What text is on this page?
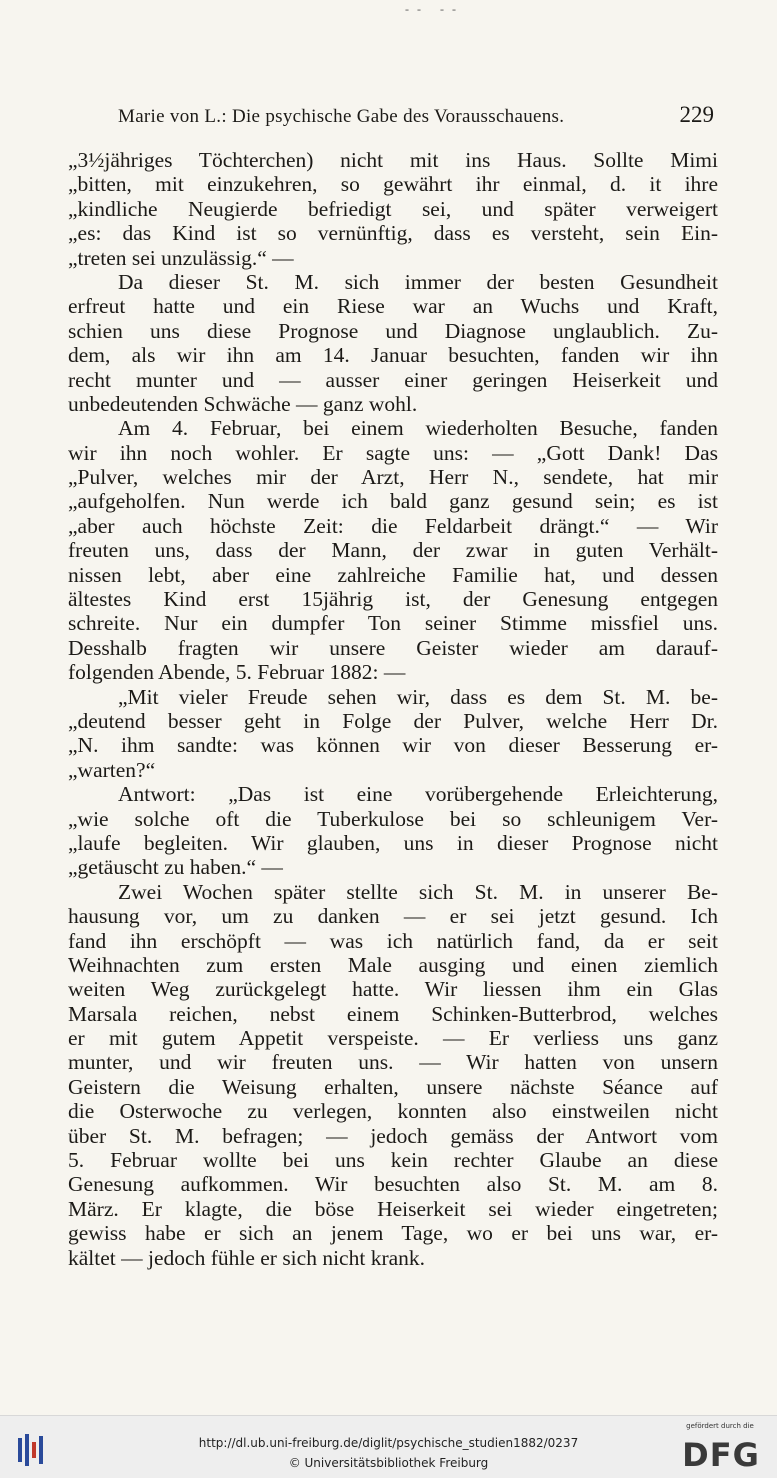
-- --
Marie von L.: Die psychische Gabe des Vorausschauens.	229
„3½jähriges Töchterchen) nicht mit ins Haus. Sollte Mimi
„bitten, mit einzukehren, so gewährt ihr einmal, d. it ihre
„kindliche Neugierde befriedigt sei, und später verweigert
„es: das Kind ist so vernünftig, dass es versteht, sein Ein-
„treten sei unzulässig.“ —
Da dieser St. M. sich immer der besten Gesundheit
erfreut hatte und ein Riese war an Wuchs und Kraft,
schien uns diese Prognose und Diagnose unglaublich. Zu-
dem, als wir ihn am 14. Januar besuchten, fanden wir ihn
recht munter und — ausser einer geringen Heiserkeit und
unbedeutenden Schwäche — ganz wohl.
Am 4. Februar, bei einem wiederholten Besuche, fanden
wir ihn noch wohler. Er sagte uns: — „Gott Dank! Das
„Pulver, welches mir der Arzt, Herr N., sendete, hat mir
„aufgeholfen. Nun werde ich bald ganz gesund sein; es ist
„aber auch höchste Zeit: die Feldarbeit drängt.“ — Wir
freuten uns, dass der Mann, der zwar in guten Verhält-
nissen lebt, aber eine zahlreiche Familie hat, und dessen
ältestes Kind erst 15jährig ist, der Genesung entgegen
schreite. Nur ein dumpfer Ton seiner Stimme missfiel uns.
Desshalb fragten wir unsere Geister wieder am darauf-
folgenden Abende, 5. Februar 1882: —
„Mit vieler Freude sehen wir, dass es dem St. M. be-
„deutend besser geht in Folge der Pulver, welche Herr Dr.
„N. ihm sandte: was können wir von dieser Besserung er-
„warten?“
Antwort: „Das ist eine vorübergehende Erleichterung,
„wie solche oft die Tuberkulose bei so schleunigem Ver-
„laufe begleiten. Wir glauben, uns in dieser Prognose nicht
„getäuscht zu haben.“ —
Zwei Wochen später stellte sich St. M. in unserer Be-
hausung vor, um zu danken — er sei jetzt gesund. Ich
fand ihn erschöpft — was ich natürlich fand, da er seit
Weihnachten zum ersten Male ausging und einen ziemlich
weiten Weg zurückgelegt hatte. Wir liessen ihm ein Glas
Marsala reichen, nebst einem Schinken-Butterbrod, welches
er mit gutem Appetit verspeiste. — Er verliess uns ganz
munter, und wir freuten uns. — Wir hatten von unsern
Geistern die Weisung erhalten, unsere nächste Séance auf
die Osterwoche zu verlegen, konnten also einstweilen nicht
über St. M. befragen; — jedoch gemäss der Antwort vom
5. Februar wollte bei uns kein rechter Glaube an diese
Genesung aufkommen. Wir besuchten also St. M. am 8.
März. Er klagte, die böse Heiserkeit sei wieder eingetreten;
gewiss habe er sich an jenem Tage, wo er bei uns war, er-
kältet — jedoch fühle er sich nicht krank.
http://dl.ub.uni-freiburg.de/diglit/psychische_studien1882/0237
© Universitätsbibliothek Freiburg
gefördert durch die
DFG
